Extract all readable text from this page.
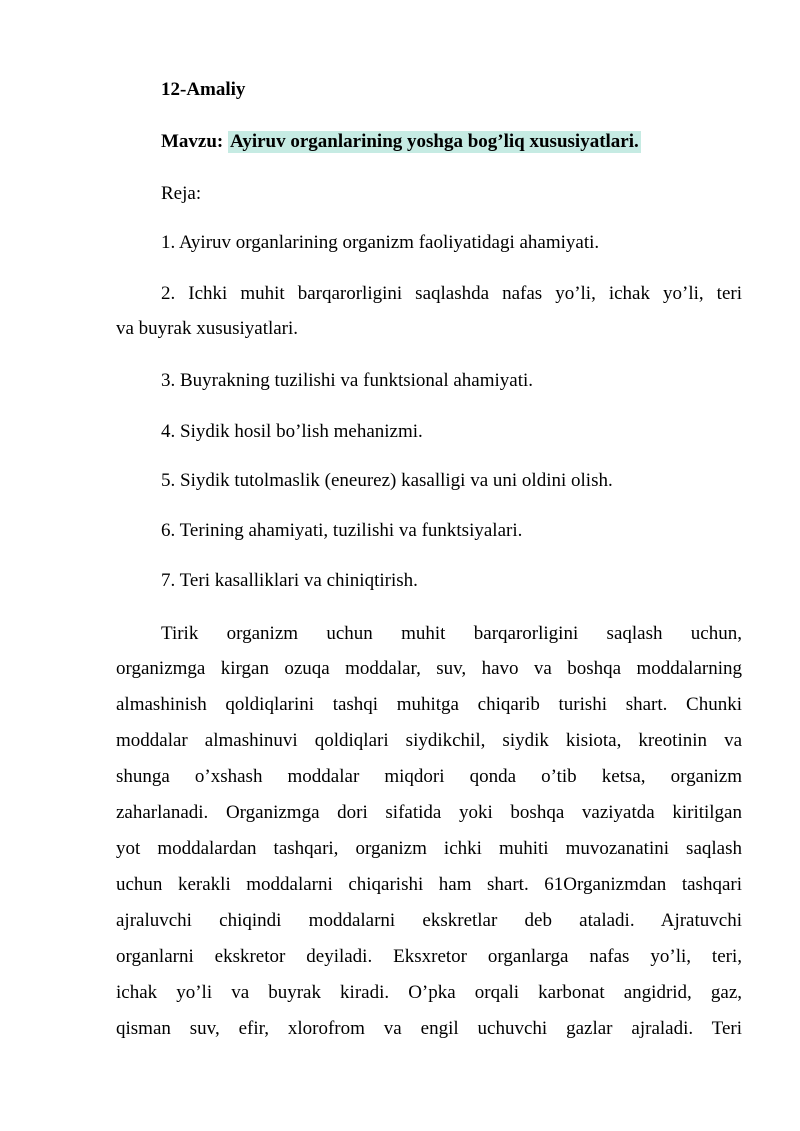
12-Amaliy
Mavzu: Ayiruv organlarining yoshga bog’liq xususiyatlari.
Reja:
1. Ayiruv organlarining organizm faoliyatidagi ahamiyati.
2. Ichki muhit barqarorligini saqlashda nafas yo’li, ichak yo’li, teri
va buyrak xususiyatlari.
3. Buyrakning tuzilishi va funktsional ahamiyati.
4. Siydik hosil bo’lish mehanizmi.
5. Siydik tutolmaslik (eneurez) kasalligi va uni oldini olish.
6. Terining ahamiyati, tuzilishi va funktsiyalari.
7. Teri kasalliklari va chiniqtirish.
Tirik organizm uchun muhit barqarorligini saqlash uchun,
organizmga kirgan ozuqa moddalar, suv, havo va boshqa moddalarning
almashinish qoldiqlarini tashqi muhitga chiqarib turishi shart. Chunki
moddalar almashinuvi qoldiqlari siydikchil, siydik kisiota, kreotinin va
shunga o’xshash moddalar miqdori qonda o’tib ketsa, organizm
zaharlanadi. Organizmga dori sifatida yoki boshqa vaziyatda kiritilgan
yot moddalardan tashqari, organizm ichki muhiti muvozanatini saqlash
uchun kerakli moddalarni chiqarishi ham shart. 61Organizmdan tashqari
ajraluvchi chiqindi moddalarni ekskretlar deb ataladi. Ajratuvchi
organlarni ekskretor deyiladi. Eksxretor organlarga nafas yo’li, teri,
ichak yo’li va buyrak kiradi. O’pka orqali karbonat angidrid, gaz,
qisman suv, efir, xlorofrom va engil uchuvchi gazlar ajraladi. Teri
